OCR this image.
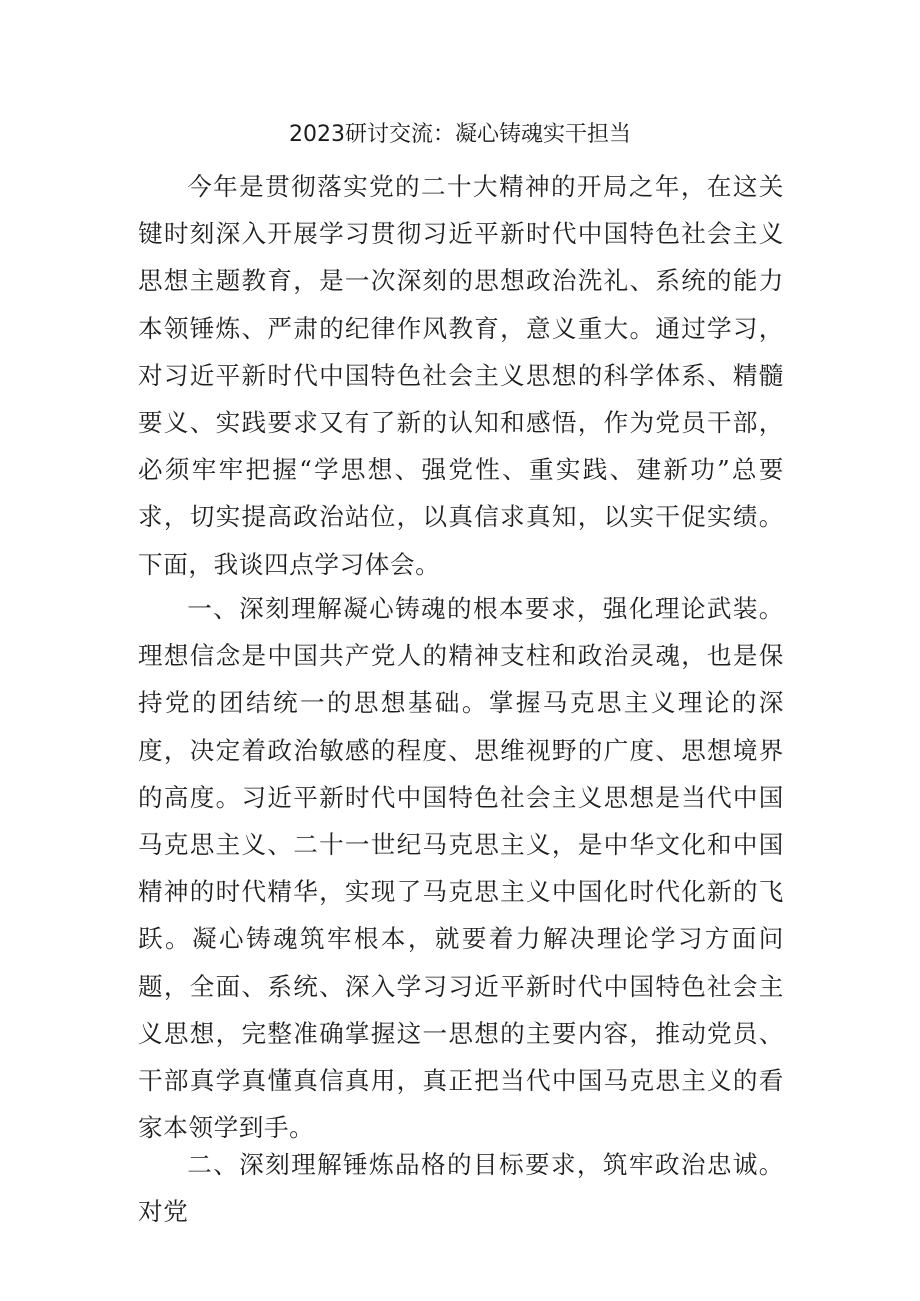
2023研讨交流：凝心铸魂实干担当

今年是贯彻落实党的二十大精神的开局之年，在这关键时刻深入开展学习贯彻习近平新时代中国特色社会主义思想主题教育，是一次深刻的思想政治洗礼、系统的能力本领锤炼、严肃的纪律作风教育，意义重大。通过学习，对习近平新时代中国特色社会主义思想的科学体系、精髓要义、实践要求又有了新的认知和感悟，作为党员干部，必须牢牢把握“学思想、强党性、重实践、建新功”总要求，切实提高政治站位，以真信求真知，以实干促实绩。下面，我谈四点学习体会。

一、深刻理解凝心铸魂的根本要求，强化理论武装。理想信念是中国共产党人的精神支柱和政治灵魂，也是保持党的团结统一的思想基础。掌握马克思主义理论的深度，决定着政治敏感的程度、思维视野的广度、思想境界的高度。习近平新时代中国特色社会主义思想是当代中国马克思主义、二十一世纪马克思主义，是中华文化和中国精神的时代精华，实现了马克思主义中国化时代化新的飞跃。凝心铸魂筑牢根本，就要着力解决理论学习方面问题，全面、系统、深入学习习近平新时代中国特色社会主义思想，完整准确掌握这一思想的主要内容，推动党员、干部真学真懂真信真用，真正把当代中国马克思主义的看家本领学到手。

二、深刻理解锤炼品格的目标要求，筑牢政治忠诚。对党
